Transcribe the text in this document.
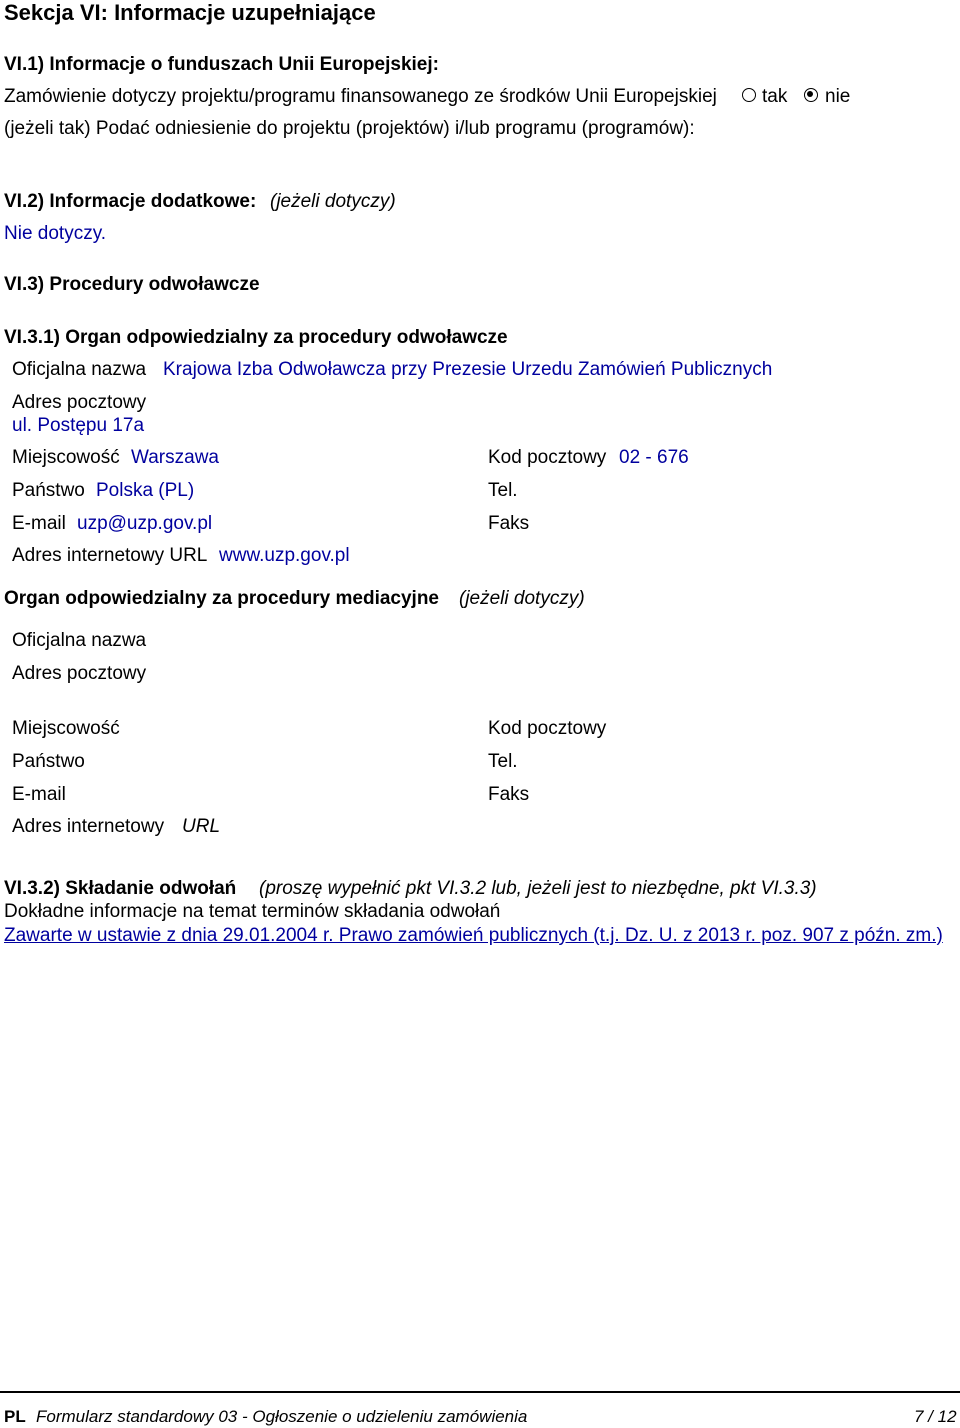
Sekcja VI: Informacje uzupełniające
VI.1) Informacje o funduszach Unii Europejskiej:
Zamówienie dotyczy projektu/programu finansowanego ze środków Unii Europejskiej tak nie
(jeżeli tak) Podać odniesienie do projektu (projektów) i/lub programu (programów):
VI.2) Informacje dodatkowe: (jeżeli dotyczy)
Nie dotyczy.
VI.3) Procedury odwoławcze
VI.3.1) Organ odpowiedzialny za procedury odwoławcze
Oficjalna nazwa Krajowa Izba Odwoławcza przy Prezesie Urzedu Zamówień Publicznych
Adres pocztowy
ul. Postępu 17a
Miejscowość Warszawa	Kod pocztowy 02 - 676
Państwo Polska (PL)	Tel.
E-mail uzp@uzp.gov.pl	Faks
Adres internetowy URL www.uzp.gov.pl
Organ odpowiedzialny za procedury mediacyjne (jeżeli dotyczy)
Oficjalna nazwa
Adres pocztowy
Miejscowość	Kod pocztowy
Państwo	Tel.
E-mail	Faks
Adres internetowy URL
VI.3.2) Składanie odwołań (proszę wypełnić pkt VI.3.2 lub, jeżeli jest to niezbędne, pkt VI.3.3)
Dokładne informacje na temat terminów składania odwołań
Zawarte w ustawie z dnia 29.01.2004 r. Prawo zamówień publicznych (t.j. Dz. U. z 2013 r. poz. 907 z późn. zm.)
PL Formularz standardowy 03 - Ogłoszenie o udzieleniu zamówienia	7 / 12
